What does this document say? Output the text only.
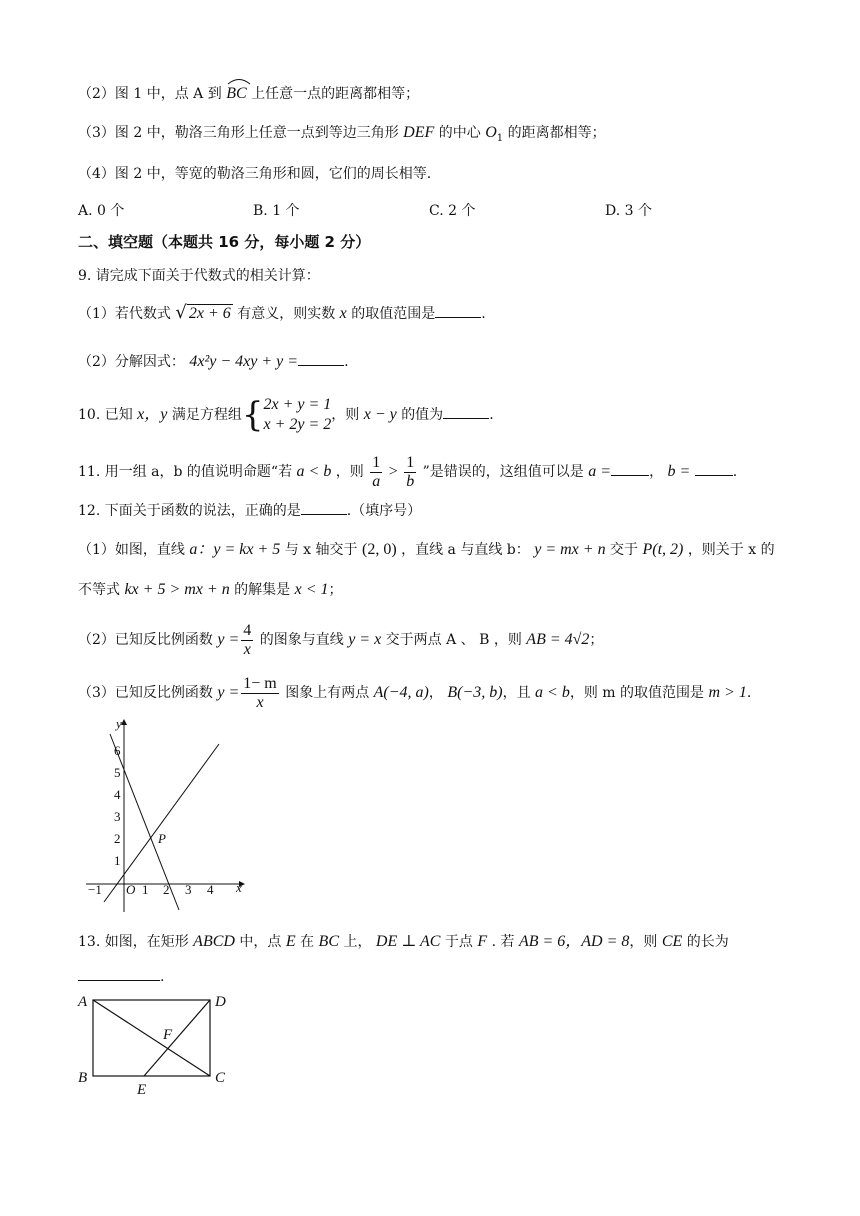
（2）图 1 中，点 A 到 BC 上任意一点的距离都相等；
（3）图 2 中，勒洛三角形上任意一点到等边三角形 DEF 的中心 $O_1$ 的距离都相等；
（4）图 2 中，等宽的勒洛三角形和圆，它们的周长相等.
A. 0 个	B. 1 个	C. 2 个	D. 3 个
二、填空题（本题共 16 分，每小题 2 分）
9. 请完成下面关于代数式的相关计算：
（1）若代数式 √ 2x + 6 有意义，则实数 x 的取值范围是	.
（2）分解因式： 4x²y − 4xy + y =	.
10. 已知 x，y 满足方程组{ 2x + y = 1
x + 2y = 2
，则 x − y 的值为	.
11. 用一组 a，b 的值说明命题“若 a < b ，则 $\frac{1}{a} > \frac{1}{b}$ ”是错误的，这组值可以是 a =	， b =	.
12. 下面关于函数的说法，正确的是	.（填序号）
（1）如图，直线 a：y = kx + 5 与 x 轴交于 (2, 0) ，直线 a 与直线 b： y = mx + n 交于 P(t, 2) ，则关于 x 的
不等式 kx + 5 > mx + n 的解集是 x < 1；
（2）已知反比例函数 $y = \frac{4}{x}$ 的图象与直线 y = x 交于两点 A 、 B ，则 AB = 4√2；
（3）已知反比例函数 $y = \frac{1- m}{x}$ 图象上有两点 A(−4, a)， B(−3, b)，且 a < b，则 m 的取值范围是 m > 1.
y
x
O
P
1
2
3
4
5
6
−1	1 2 3 4
13. 如图，在矩形 ABCD 中，点 E 在 BC 上， DE ⊥ AC 于点 F . 若 AB = 6，AD = 8，则 CE 的长为
.
A	D
B	C
E
F
